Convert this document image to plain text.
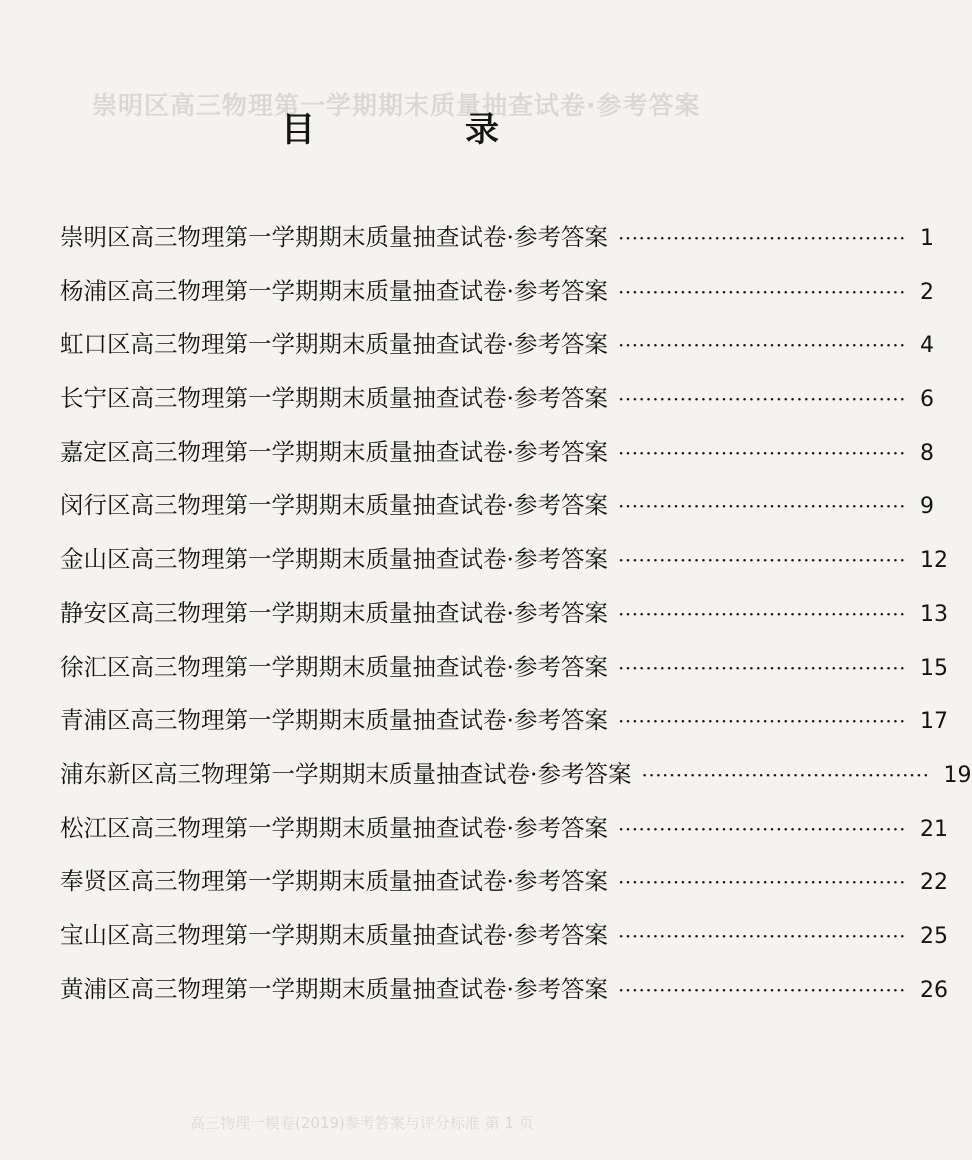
崇明区高三物理第一学期期末质量抽查试卷·参考答案
高三物理一模卷(2019)参考答案与评分标准 第 1 页
目　录
崇明区高三物理第一学期期末质量抽查试卷·参考答案 ·········································· 1
杨浦区高三物理第一学期期末质量抽查试卷·参考答案 ·········································· 2
虹口区高三物理第一学期期末质量抽查试卷·参考答案 ·········································· 4
长宁区高三物理第一学期期末质量抽查试卷·参考答案 ·········································· 6
嘉定区高三物理第一学期期末质量抽查试卷·参考答案 ·········································· 8
闵行区高三物理第一学期期末质量抽查试卷·参考答案 ·········································· 9
金山区高三物理第一学期期末质量抽查试卷·参考答案 ·········································· 12
静安区高三物理第一学期期末质量抽查试卷·参考答案 ·········································· 13
徐汇区高三物理第一学期期末质量抽查试卷·参考答案 ·········································· 15
青浦区高三物理第一学期期末质量抽查试卷·参考答案 ·········································· 17
浦东新区高三物理第一学期期末质量抽查试卷·参考答案 ·········································· 19
松江区高三物理第一学期期末质量抽查试卷·参考答案 ·········································· 21
奉贤区高三物理第一学期期末质量抽查试卷·参考答案 ·········································· 22
宝山区高三物理第一学期期末质量抽查试卷·参考答案 ·········································· 25
黄浦区高三物理第一学期期末质量抽查试卷·参考答案 ·········································· 26
